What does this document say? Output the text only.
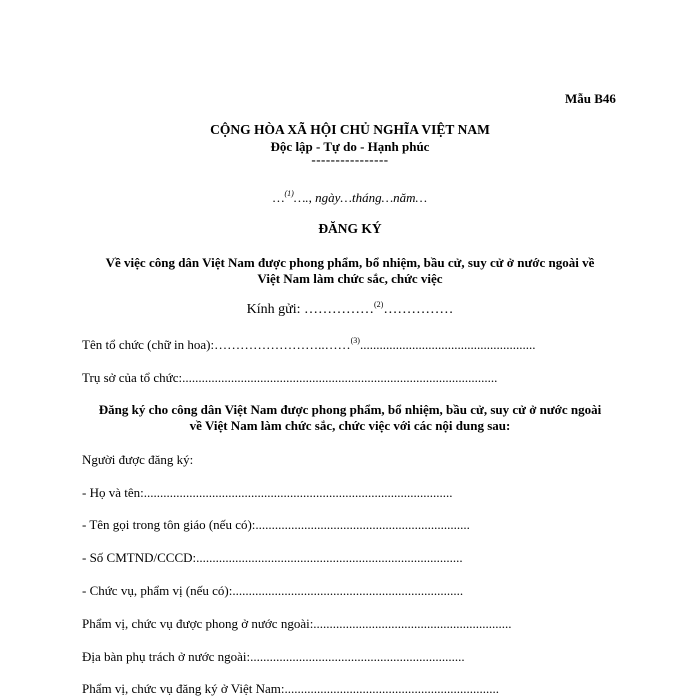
Mẫu B46
CỘNG HÒA XÃ HỘI CHỦ NGHĨA VIỆT NAM
Độc lập - Tự do - Hạnh phúc
----------------
…$^{(1)}$…., ngày…tháng…năm…
ĐĂNG KÝ
Về việc công dân Việt Nam được phong phẩm, bổ nhiệm, bầu cử, suy cử ở nước ngoài về
Việt Nam làm chức sắc, chức việc
Kính gửi: ……………$^{(2)}$……………
Tên tổ chức (chữ in hoa):……………………..……$^{(3)}$......................................................
Trụ sở của tổ chức:.................................................................................................
Đăng ký cho công dân Việt Nam được phong phẩm, bổ nhiệm, bầu cử, suy cử ở nước ngoài
về Việt Nam làm chức sắc, chức việc với các nội dung sau:
Người được đăng ký:
- Họ và tên:...............................................................................................
- Tên gọi trong tôn giáo (nếu có):..................................................................
- Số CMTND/CCCD:..................................................................................
- Chức vụ, phẩm vị (nếu có):.......................................................................
Phẩm vị, chức vụ được phong ở nước ngoài:.............................................................
Địa bàn phụ trách ở nước ngoài:..................................................................
Phẩm vị, chức vụ đăng ký ở Việt Nam:..................................................................
